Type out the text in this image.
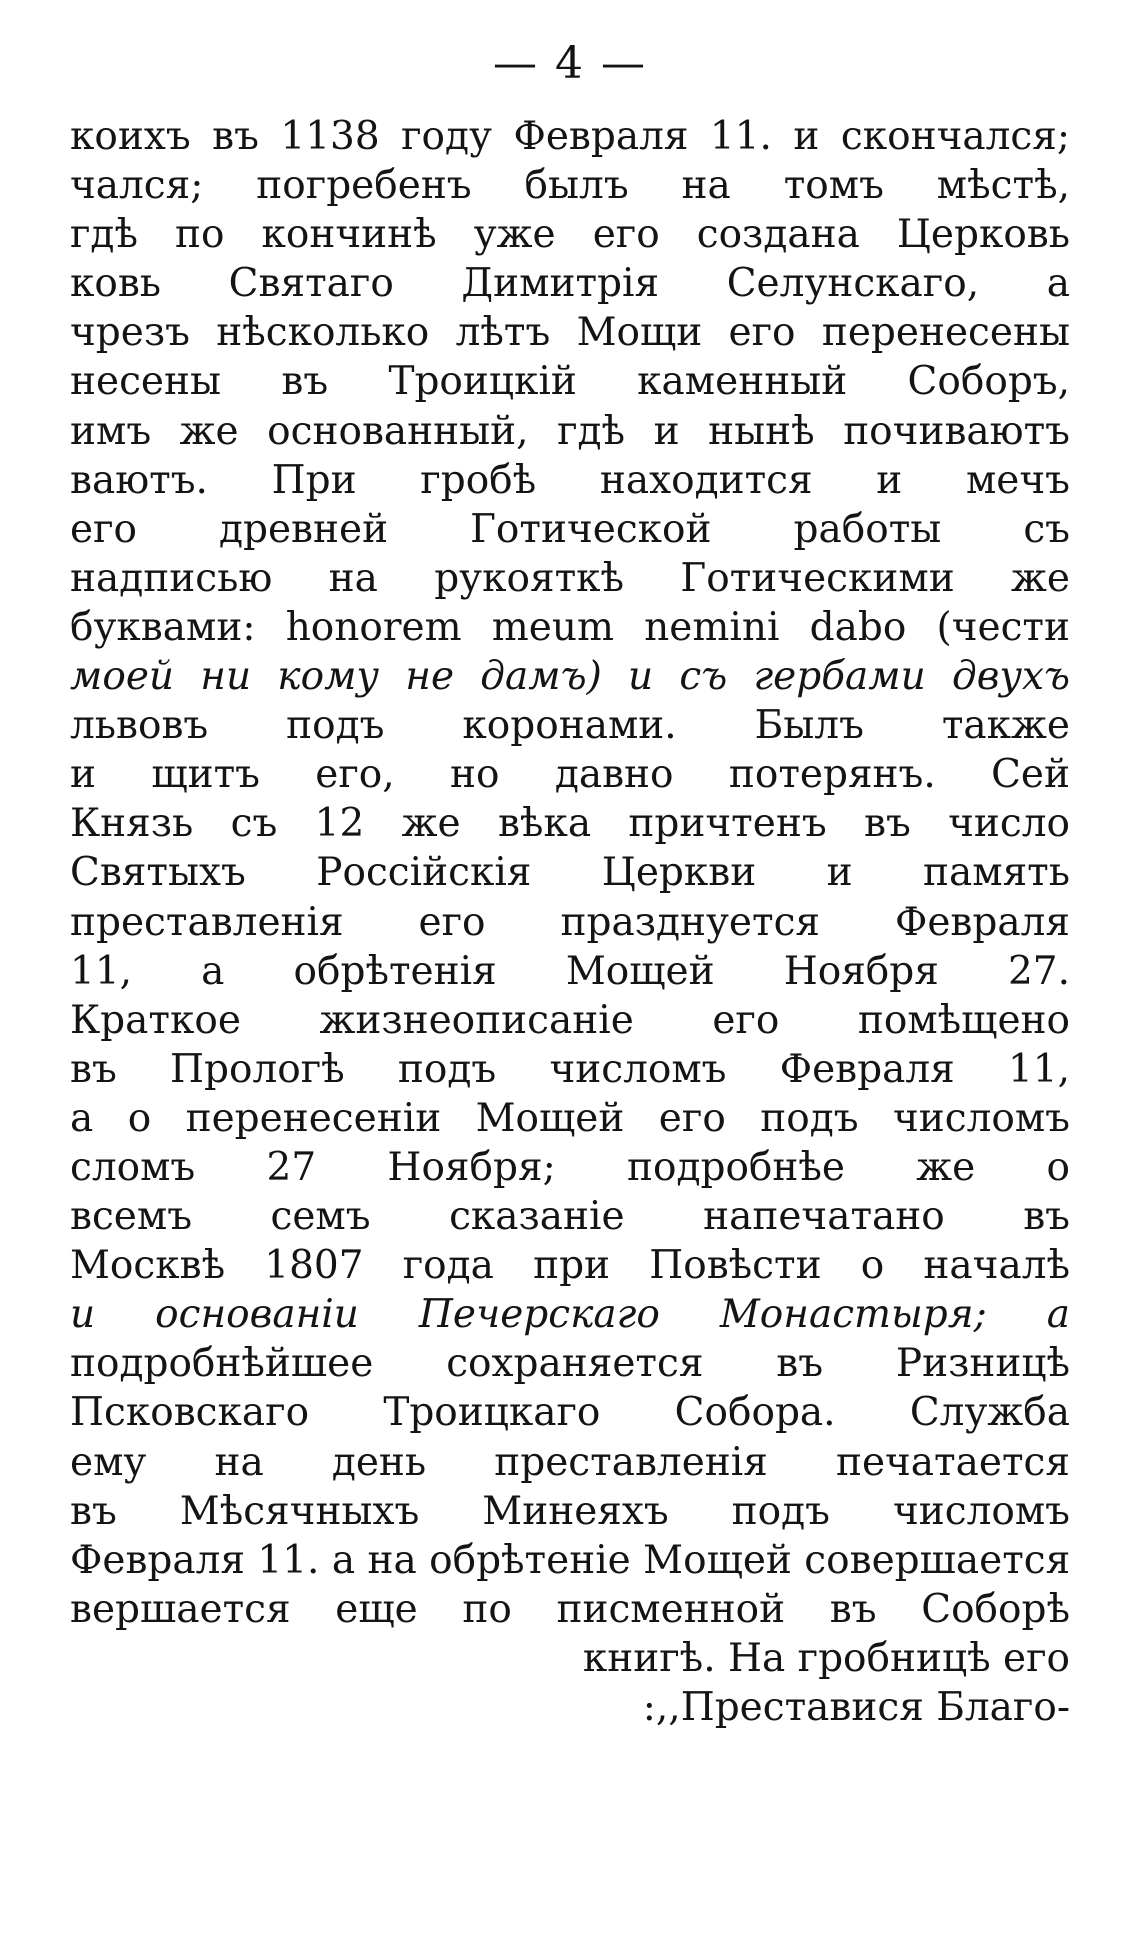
— 4 —
коихъ въ 1138 году Февраля 11. и скончался;
чался; погребенъ былъ на томъ мѣстѣ,
гдѣ по кончинѣ уже его создана Церковь
ковь Святаго Димитрія Селунскаго, а
чрезъ нѣсколько лѣтъ Мощи его перенесены
несены въ Троицкій каменный Соборъ,
имъ же основанный, гдѣ и нынѣ почиваютъ
ваютъ. При гробѣ находится и мечъ
его древней Готической работы съ
надписью на рукояткѣ Готическими же
буквами: honorem meum nemini dabo (чести
моей ни кому не дамъ) и съ гербами двухъ
львовъ подъ коронами. Былъ также
и щитъ его, но давно потерянъ. Сей
Князь съ 12 же вѣка причтенъ въ число
Святыхъ Россійскія Церкви и память
преставленія его празднуется Февраля
11, а обрѣтенія Мощей Ноября 27.
Краткое жизнеописаніе его помѣщено
въ Прологѣ подъ числомъ Февраля 11,
а о перенесеніи Мощей его подъ числомъ
сломъ 27 Ноября; подробнѣе же о
всемъ семъ сказаніе напечатано въ
Москвѣ 1807 года при Повѣсти о началѣ
и основаніи Печерскаго Монастыря; а
подробнѣйшее сохраняется въ Ризницѣ
Псковскаго Троицкаго Собора. Служба
ему на день преставленія печатается
въ Мѣсячныхъ Минеяхъ подъ числомъ
Февраля 11. а на обрѣтеніе Мощей совершается
вершается еще по писменной въ Соборѣ
книгѣ. На гробницѣ его
:,,Преставися Благо-
